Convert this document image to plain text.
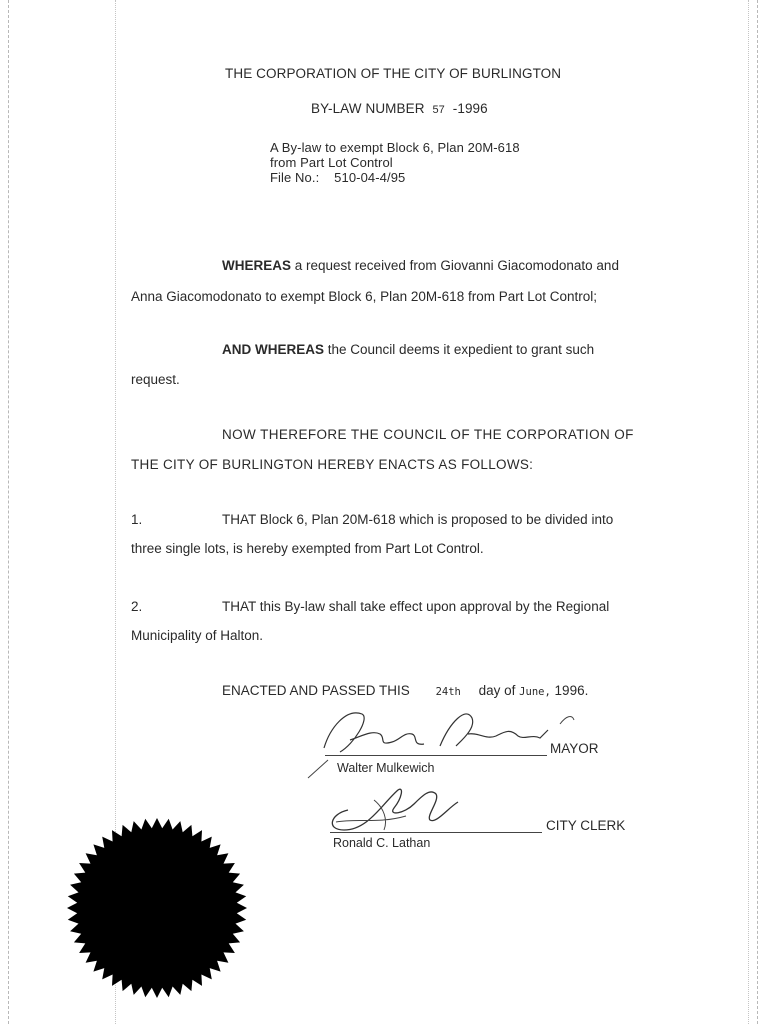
THE CORPORATION OF THE CITY OF BURLINGTON
BY-LAW NUMBER 57 -1996
A By-law to exempt Block 6, Plan 20M-618
from Part Lot Control
File No.: 510-04-4/95
WHEREAS a request received from Giovanni Giacomodonato and
Anna Giacomodonato to exempt Block 6, Plan 20M-618 from Part Lot Control;
AND WHEREAS the Council deems it expedient to grant such
request.
NOW THEREFORE THE COUNCIL OF THE CORPORATION OF
THE CITY OF BURLINGTON HEREBY ENACTS AS FOLLOWS:
1.	THAT Block 6, Plan 20M-618 which is proposed to be divided into
three single lots, is hereby exempted from Part Lot Control.
2.	THAT this By-law shall take effect upon approval by the Regional
Municipality of Halton.
ENACTED AND PASSED THIS 24th day of June, 1996.
MAYOR
Walter Mulkewich
CITY CLERK
Ronald C. Lathan
